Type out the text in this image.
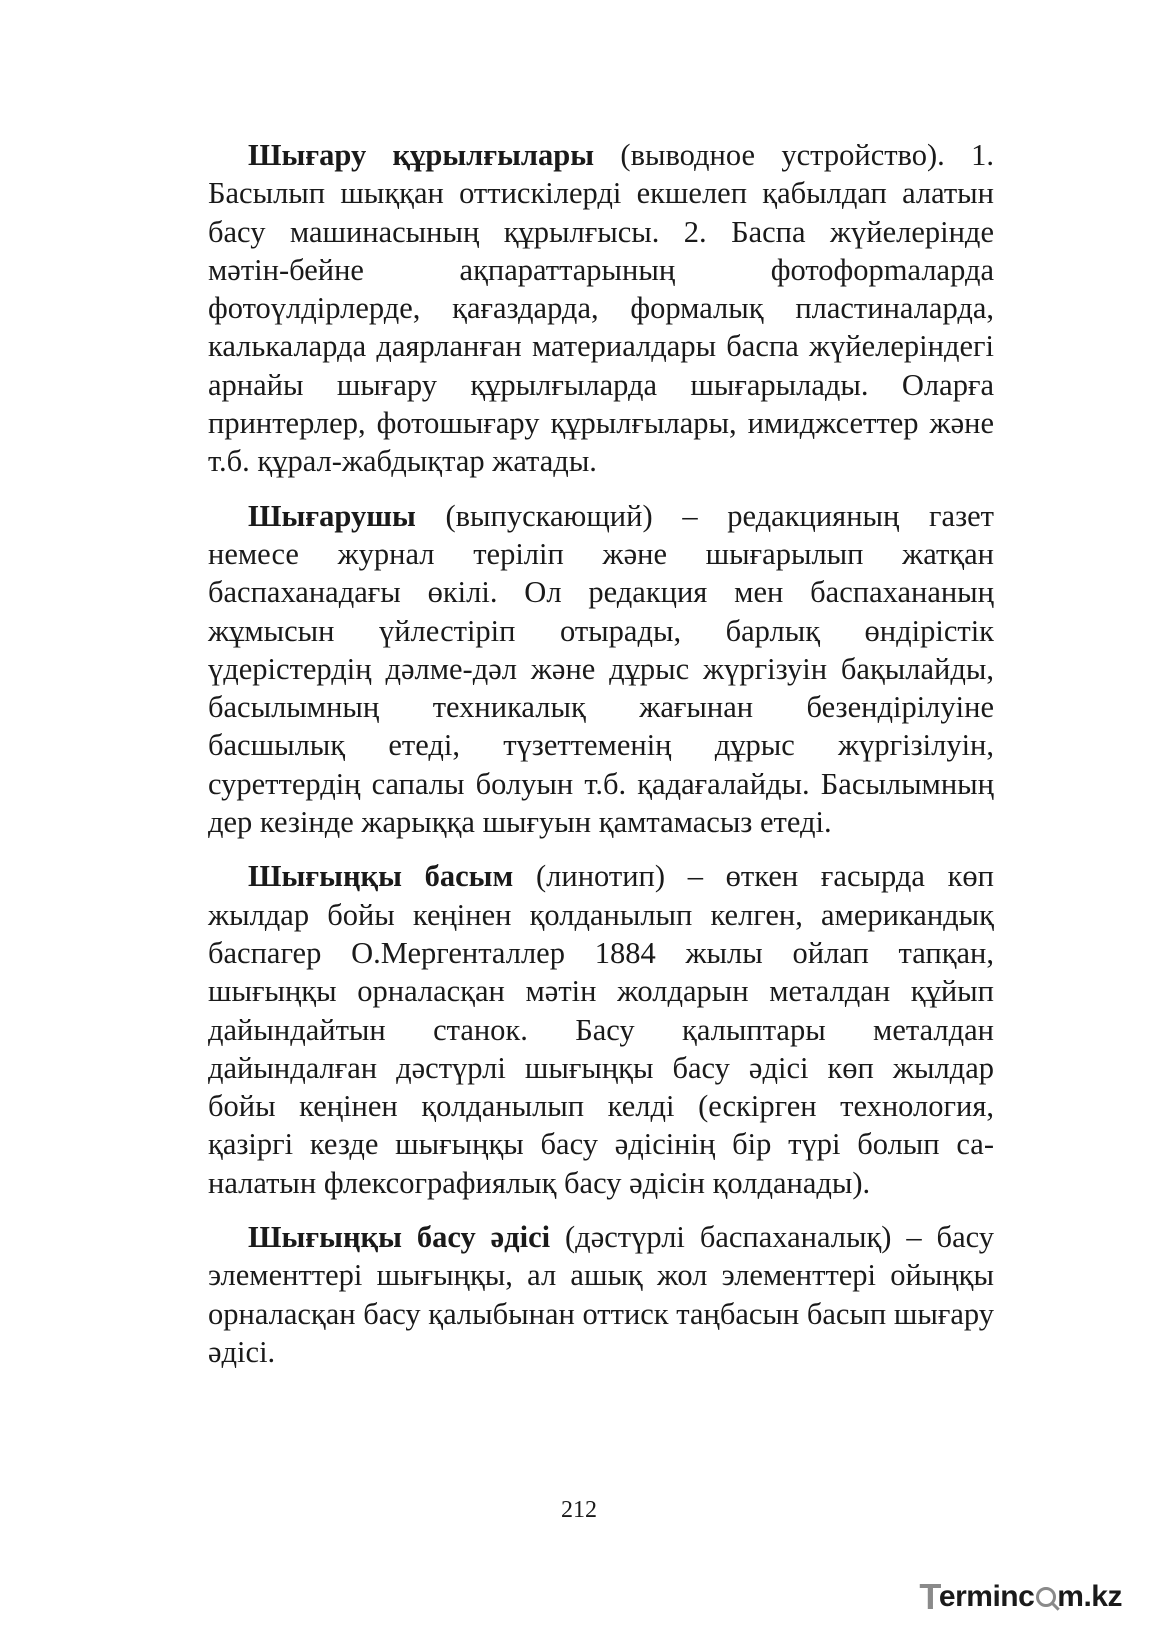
Шығару құрылғылары (выводное устройство). 1. Басылып шыққан оттискілерді екшелеп қабылдап алатын басу машинасының құрылғысы. 2. Баспа жүйелерінде мәтін-бейне ақпараттарының фотофорmаларда фотоүлдірлерде, қағаздарда, формалық пластиналарда, калькаларда даярланған материалдары баспа жүйелеріндегі арнайы шығару құрылғыларда шығарылады. Оларға принтерлер, фотошығару құрылғылары, имиджсеттер және т.б. құрал-жабдықтар жатады.

Шығарушы (выпускающий) – редакцияның газет немесе журнал теріліп және шығарылып жатқан баспаханадағы өкілі. Ол редакция мен баспахананың жұмысын үйлестіріп отырады, барлық өндірістік үдерістердің дәлме-дәл және дұрыс жүргізуін бақылайды, басылымның техникалық жағынан безендірілуіне басшылық етеді, түзеттеменің дұрыс жүргізілуін, суреттердің сапалы болуын т.б. қадағалайды. Басылымның дер кезінде жарыққа шығуын қамтамасыз етеді.

Шығыңқы басым (линотип) – өткен ғасырда көп жылдар бойы кеңінен қолданылып келген, американдық баспагер О.Мергенталлер 1884 жылы ойлап тапқан, шығыңқы орналасқан мәтін жолдарын металдан құйып дайындайтын станок. Басу қалыптары металдан дайындалған дәстүрлі шығыңқы басу әдісі көп жылдар бойы кеңінен қолданылып келді (ескірген технология, қазіргі кезде шығыңқы басу әдісінің бір түрі болып саналатын флексографиялық басу әдісін қолданады).

Шығыңқы басу әдісі (дәстүрлі баспаханалық) – басу элементтері шығыңқы, ал ашық жол элементтері ойыңқы орналасқан басу қалыбынан оттиск таңбасын басып шығару әдісі.

212
T
erminc m.kz
